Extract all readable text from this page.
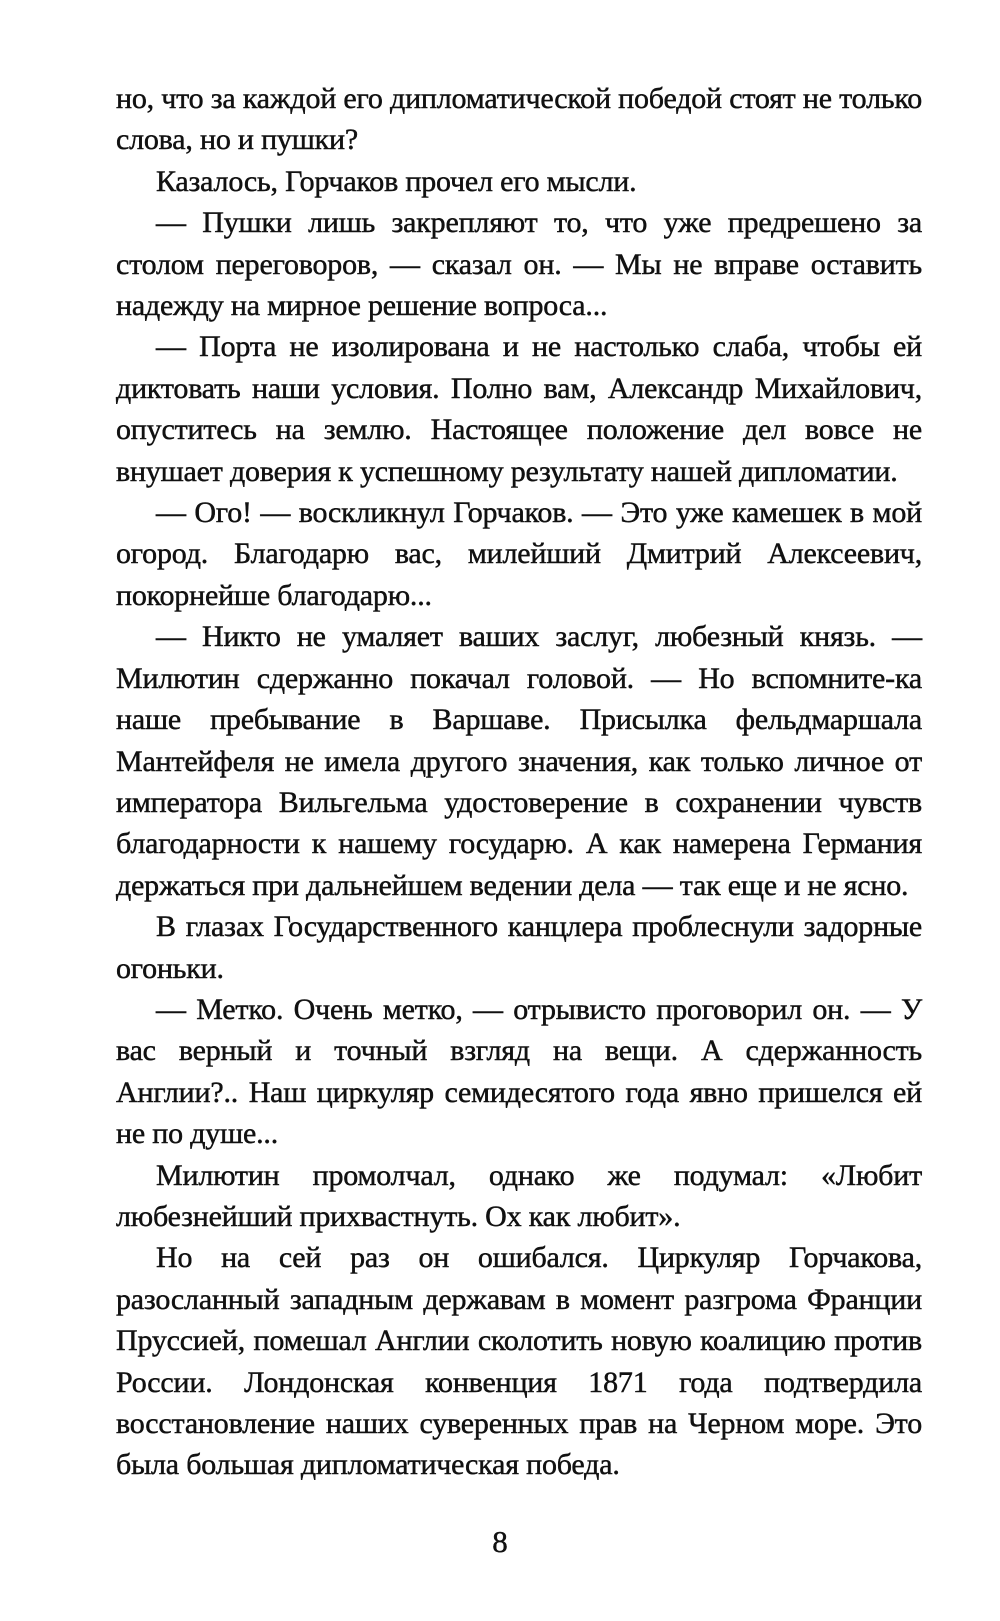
но, что за каждой его дипломатической победой стоят не только слова, но и пушки?

Казалось, Горчаков прочел его мысли.

— Пушки лишь закрепляют то, что уже предрешено за столом переговоров, — сказал он. — Мы не вправе оставить надежду на мирное решение вопроса...

— Порта не изолирована и не настолько слаба, чтобы ей диктовать наши условия. Полно вам, Александр Михайлович, опуститесь на землю. Настоящее положение дел вовсе не внушает доверия к успешному результату нашей дипломатии.

— Ого! — воскликнул Горчаков. — Это уже камешек в мой огород. Благодарю вас, милейший Дмитрий Алексеевич, покорнейше благодарю...

— Никто не умаляет ваших заслуг, любезный князь. — Милютин сдержанно покачал головой. — Но вспомните-ка наше пребывание в Варшаве. Присылка фельдмаршала Мантейфеля не имела другого значения, как только личное от императора Вильгельма удостоверение в сохранении чувств благодарности к нашему государю. А как намерена Германия держаться при дальнейшем ведении дела — так еще и не ясно.

В глазах Государственного канцлера проблеснули задорные огоньки.

— Метко. Очень метко, — отрывисто проговорил он. — У вас верный и точный взгляд на вещи. А сдержанность Англии?.. Наш циркуляр семидесятого года явно пришелся ей не по душе...

Милютин промолчал, однако же подумал: «Любит любезнейший прихвастнуть. Ох как любит».

Но на сей раз он ошибался. Циркуляр Горчакова, разосланный западным державам в момент разгрома Франции Пруссией, помешал Англии сколотить новую коалицию против России. Лондонская конвенция 1871 года подтвердила восстановление наших суверенных прав на Черном море. Это была большая дипломатическая победа.

8
